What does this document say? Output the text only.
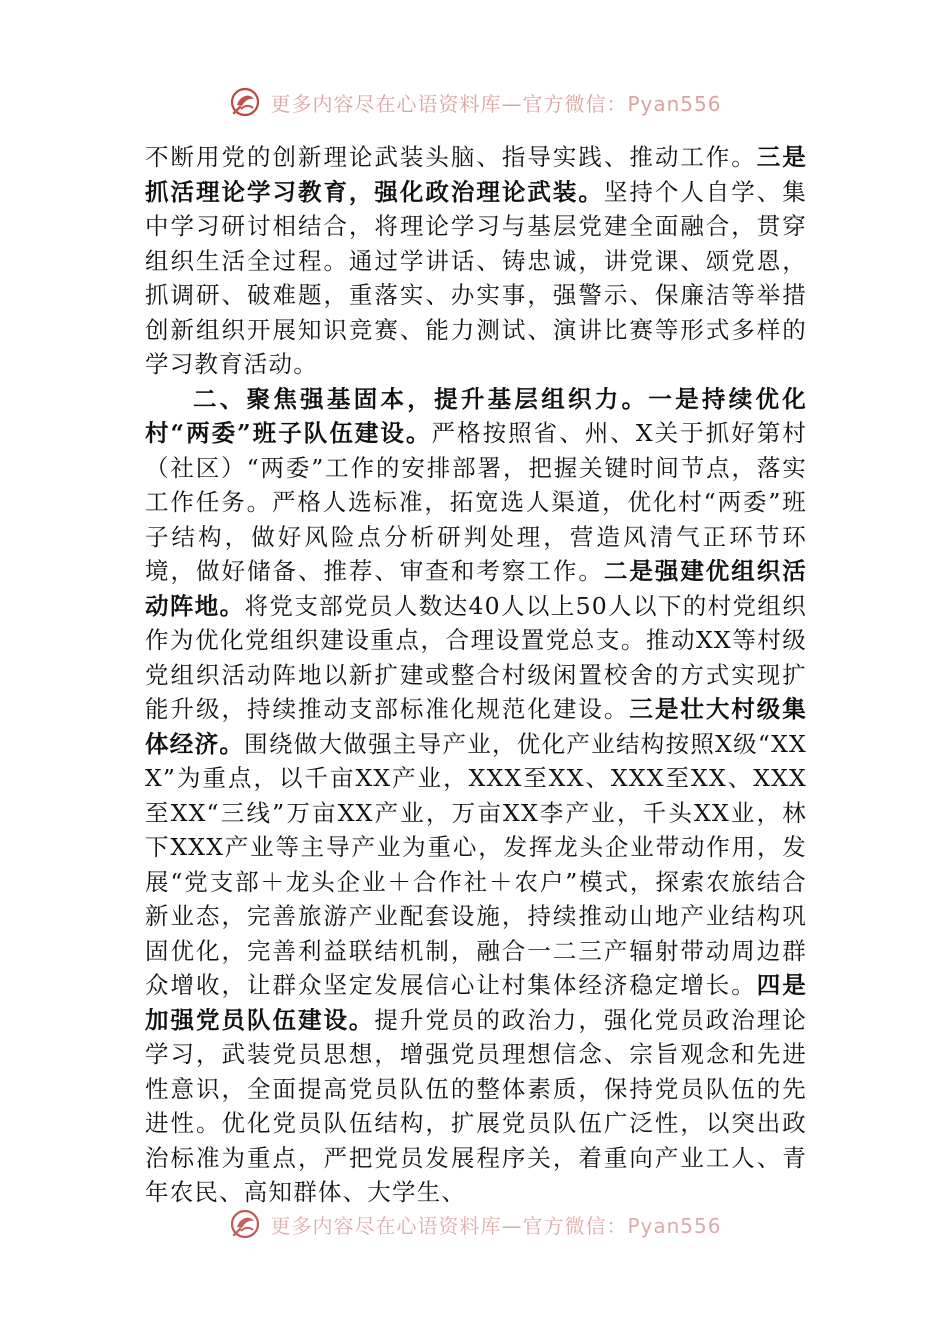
更多内容尽在心语资料库—官方微信：Pyan556

不断用党的创新理论武装头脑、指导实践、推动工作。三是抓活理论学习教育，强化政治理论武装。坚持个人自学、集中学习研讨相结合，将理论学习与基层党建全面融合，贯穿组织生活全过程。通过学讲话、铸忠诚，讲党课、颂党恩，抓调研、破难题，重落实、办实事，强警示、保廉洁等举措创新组织开展知识竞赛、能力测试、演讲比赛等形式多样的学习教育活动。

二、聚焦强基固本，提升基层组织力。一是持续优化村“两委”班子队伍建设。严格按照省、州、X关于抓好第村（社区）“两委”工作的安排部署，把握关键时间节点，落实工作任务。严格人选标准，拓宽选人渠道，优化村“两委”班子结构，做好风险点分析研判处理，营造风清气正环节环境，做好储备、推荐、审查和考察工作。二是强建优组织活动阵地。将党支部党员人数达40人以上50人以下的村党组织作为优化党组织建设重点，合理设置党总支。推动XX等村级党组织活动阵地以新扩建或整合村级闲置校舍的方式实现扩能升级，持续推动支部标准化规范化建设。三是壮大村级集体经济。围绕做大做强主导产业，优化产业结构按照X级“XXX”为重点，以千亩XX产业，XXX至XX、XXX至XX、XXX至XX“三线”万亩XX产业，万亩XX李产业，千头XX业，林下XXX产业等主导产业为重心，发挥龙头企业带动作用，发展“党支部＋龙头企业＋合作社＋农户”模式，探索农旅结合新业态，完善旅游产业配套设施，持续推动山地产业结构巩固优化，完善利益联结机制，融合一二三产辐射带动周边群众增收，让群众坚定发展信心让村集体经济稳定增长。四是加强党员队伍建设。提升党员的政治力，强化党员政治理论学习，武装党员思想，增强党员理想信念、宗旨观念和先进性意识，全面提高党员队伍的整体素质，保持党员队伍的先进性。优化党员队伍结构，扩展党员队伍广泛性，以突出政治标准为重点，严把党员发展程序关，着重向产业工人、青年农民、高知群体、大学生、

更多内容尽在心语资料库—官方微信：Pyan556
